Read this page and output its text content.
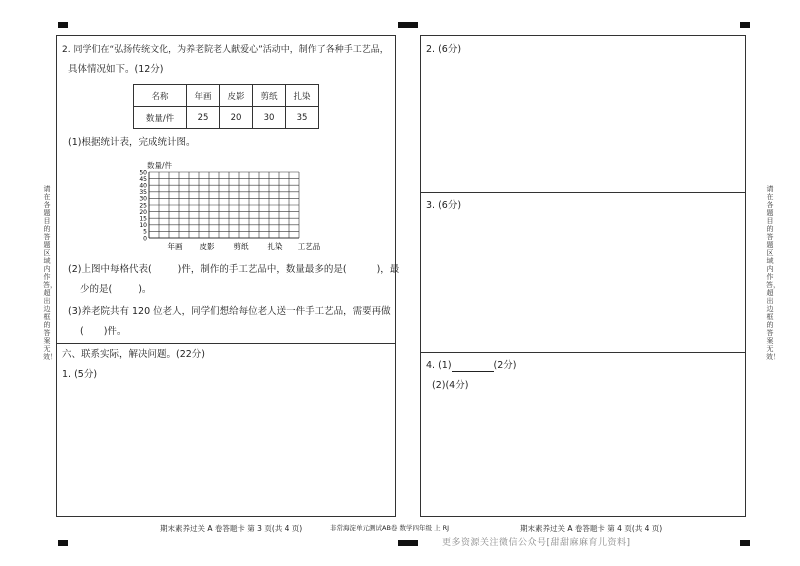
请在各题目的答题区域内作答，超出边框的答案无效！
请在各题目的答题区域内作答，超出边框的答案无效！
2. 同学们在“弘扬传统文化，为养老院老人献爱心”活动中，制作了各种手工艺品，
具体情况如下。(12分)
名称	年画	皮影	剪纸	扎染
数量/件	25	20	30	35
(1)根据统计表，完成统计图。
数量/件
0
5
10
15
20
25
30
35
40
45
50
年画 皮影	剪纸	扎染 工艺品
(2)上图中每格代表(	)件，制作的手工艺品中，数量最多的是(	)，最
少的是(	)。
(3)养老院共有 120 位老人，同学们想给每位老人送一件手工艺品，需要再做
( )件。
六、联系实际，解决问题。(22分)
1. (5分)
期末素养过关 A 卷答题卡 第 3 页(共 4 页)
2. (6分)
3. (6分)
4. (1)	(2分)
(2)(4分)
期末素养过关 A 卷答题卡 第 4 页(共 4 页)
非常海淀单元测试AB卷 数学四年级 上 RJ
更多资源关注微信公众号[甜甜麻麻育儿资料]
